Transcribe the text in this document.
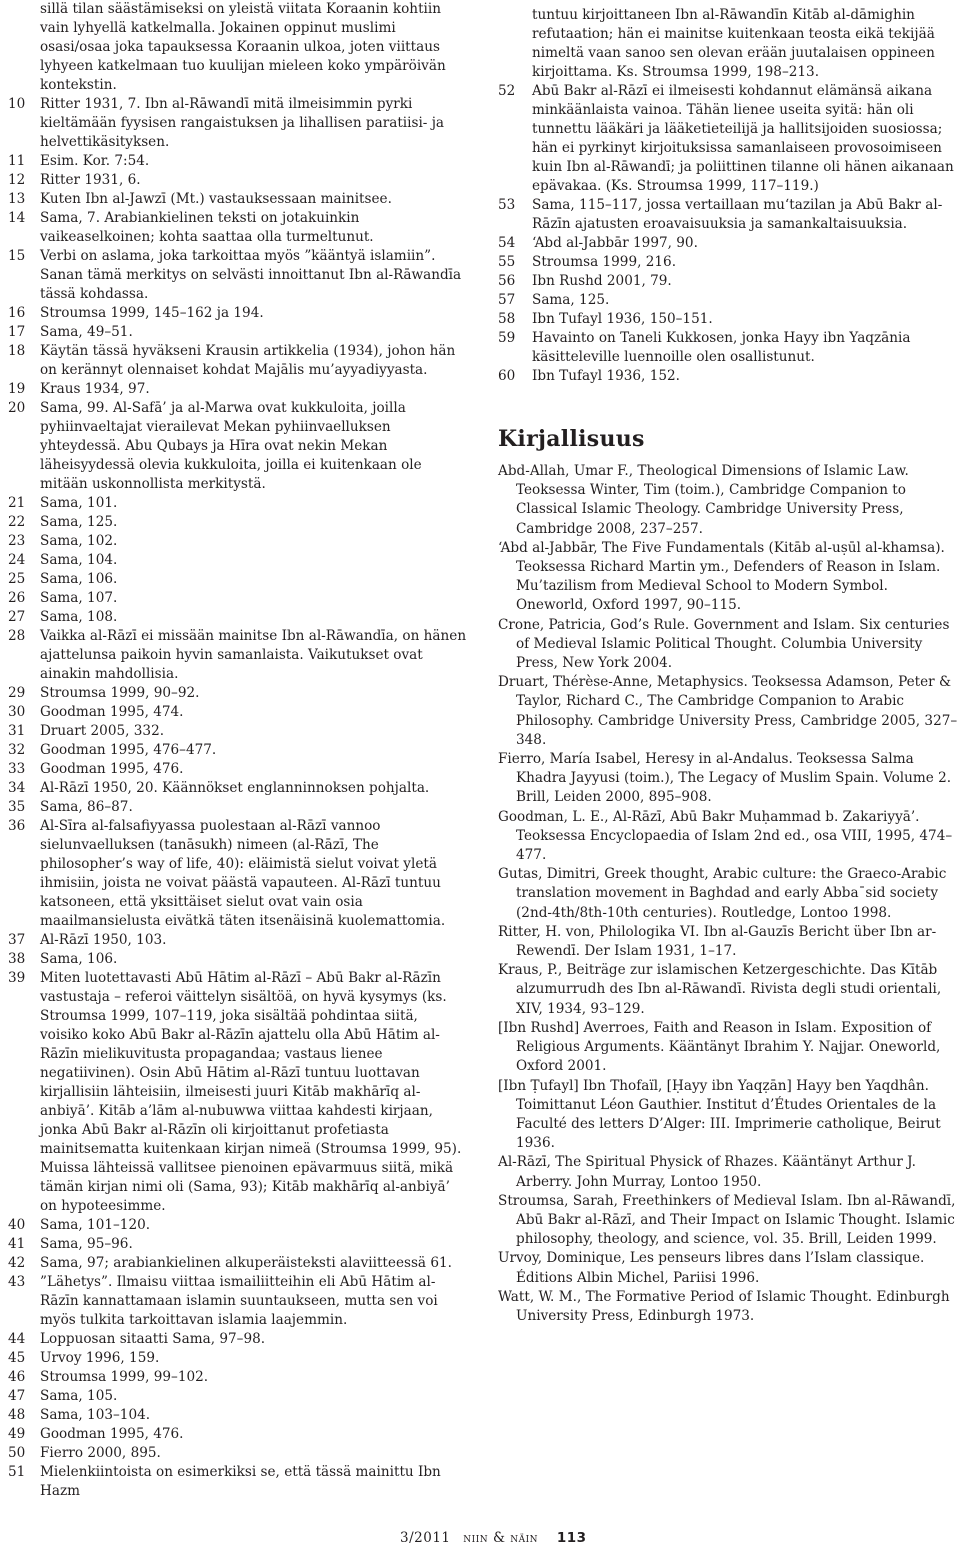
sillä tilan säästämiseksi on yleistä viitata Koraanin kohtiin vain lyhyellä katkelmalla. Jokainen oppinut muslimi osasi/osaa joka tapauksessa Koraanin ulkoa, joten viittaus lyhyeen katkelmaan tuo kuulijan mieleen koko ympäröivän kontekstin.
10	Ritter 1931, 7. Ibn al-Rāwandī mitä ilmeisimmin pyrki kieltämään fyysisen rangaistuksen ja lihallisen paratiisi- ja helvettikäsityksen.
11	Esim. Kor. 7:54.
12	Ritter 1931, 6.
13	Kuten Ibn al-Jawzī (Mt.) vastauksessaan mainitsee.
14	Sama, 7. Arabiankielinen teksti on jotakuinkin vaikeaselkoinen; kohta saattaa olla turmeltunut.
15	Verbi on aslama, joka tarkoittaa myös ”kääntyä islamiin”. Sanan tämä merkitys on selvästi innoittanut Ibn al-Rāwandīa tässä kohdassa.
16	Stroumsa 1999, 145–162 ja 194.
17	Sama, 49–51.
18	Käytän tässä hyväkseni Krausin artikkelia (1934), johon hän on kerännyt olennaiset kohdat Majālis mu’ayyadiyyasta.
19	Kraus 1934, 97.
20	Sama, 99. Al-Safā’ ja al-Marwa ovat kukkuloita, joilla pyhiinvaeltajat vierailevat Mekan pyhiinvaelluksen yhteydessä. Abu Qubays ja Hīra ovat nekin Mekan läheisyydessä olevia kukkuloita, joilla ei kuitenkaan ole mitään uskonnollista merkitystä.
21	Sama, 101.
22	Sama, 125.
23	Sama, 102.
24	Sama, 104.
25	Sama, 106.
26	Sama, 107.
27	Sama, 108.
28	Vaikka al-Rāzī ei missään mainitse Ibn al-Rāwandīa, on hänen ajattelunsa paikoin hyvin samanlaista. Vaikutukset ovat ainakin mahdollisia.
29	Stroumsa 1999, 90–92.
30	Goodman 1995, 474.
31	Druart 2005, 332.
32	Goodman 1995, 476–477.
33	Goodman 1995, 476.
34	Al-Rāzī 1950, 20. Käännökset englanninnoksen pohjalta.
35	Sama, 86–87.
36	Al-Sīra al-falsafiyyassa puolestaan al-Rāzī vannoo sielunvaelluksen (tanāsukh) nimeen (al-Rāzī, The philosopher’s way of life, 40): eläimistä sielut voivat yletä ihmisiin, joista ne voivat päästä vapauteen. Al-Rāzī tuntuu katsoneen, että yksittäiset sielut ovat vain osia maailmansielusta eivätkä täten itsenäisinä kuolemattomia.
37	Al-Rāzī 1950, 103.
38	Sama, 106.
39	Miten luotettavasti Abū Hātim al-Rāzī – Abū Bakr al-Rāzīn vastustaja – referoi väittelyn sisältöä, on hyvä kysymys (ks. Stroumsa 1999, 107–119, joka sisältää pohdintaa siitä, voisiko koko Abū Bakr al-Rāzīn ajattelu olla Abū Hātim al-Rāzīn mielikuvitusta propagandaa; vastaus lienee negatiivinen). Osin Abū Hātim al-Rāzī tuntuu luottavan kirjallisiin lähteisiin, ilmeisesti juuri Kitāb makhārīq al-anbiyā’. Kitāb a’lām al-nubuwwa viittaa kahdesti kirjaan, jonka Abū Bakr al-Rāzīn oli kirjoittanut profetiasta mainitsematta kuitenkaan kirjan nimeä (Stroumsa 1999, 95). Muissa lähteissä vallitsee pienoinen epävarmuus siitä, mikä tämän kirjan nimi oli (Sama, 93); Kitāb makhārīq al-anbiyā’ on hypoteesimme.
40	Sama, 101–120.
41	Sama, 95–96.
42	Sama, 97; arabiankielinen alkuperäisteksti alaviitteessä 61.
43	”Lähetys”. Ilmaisu viittaa ismailiitteihin eli Abū Hātim al-Rāzīn kannattamaan islamin suuntaukseen, mutta sen voi myös tulkita tarkoittavan islamia laajemmin.
44	Loppuosan sitaatti Sama, 97–98.
45	Urvoy 1996, 159.
46	Stroumsa 1999, 99–102.
47	Sama, 105.
48	Sama, 103–104.
49	Goodman 1995, 476.
50	Fierro 2000, 895.
51	Mielenkiintoista on esimerkiksi se, että tässä mainittu Ibn Hazm
tuntuu kirjoittaneen Ibn al-Rāwandīn Kitāb al-dāmighin refutaation; hän ei mainitse kuitenkaan teosta eikä tekijää nimeltä vaan sanoo sen olevan erään juutalaisen oppineen kirjoittama. Ks. Stroumsa 1999, 198–213.
52	Abū Bakr al-Rāzī ei ilmeisesti kohdannut elämänsä aikana minkäänlaista vainoa. Tähän lienee useita syitä: hän oli tunnettu lääkäri ja lääketieteilijä ja hallitsijoiden suosiossa; hän ei pyrkinyt kirjoituksissa samanlaiseen provosoimiseen kuin Ibn al-Rāwandī; ja poliittinen tilanne oli hänen aikanaan epävakaa. (Ks. Stroumsa 1999, 117–119.)
53	Sama, 115–117, jossa vertaillaan mu‘tazilan ja Abū Bakr al-Rāzīn ajatusten eroavaisuuksia ja samankaltaisuuksia.
54	‘Abd al-Jabbār 1997, 90.
55	Stroumsa 1999, 216.
56	Ibn Rushd 2001, 79.
57	Sama, 125.
58	Ibn Tufayl 1936, 150–151.
59	Havainto on Taneli Kukkosen, jonka Hayy ibn Yaqzānia käsitteleville luennoille olen osallistunut.
60	Ibn Tufayl 1936, 152.
Kirjallisuus

Abd-Allah, Umar F., Theological Dimensions of Islamic Law. Teoksessa Winter, Tim (toim.), Cambridge Companion to Classical Islamic Theology. Cambridge University Press, Cambridge 2008, 237–257.

‘Abd al-Jabbār, The Five Fundamentals (Kitāb al-uṣūl al-khamsa). Teoksessa Richard Martin ym., Defenders of Reason in Islam. Mu’tazilism from Medieval School to Modern Symbol. Oneworld, Oxford 1997, 90–115.

Crone, Patricia, God’s Rule. Government and Islam. Six centuries of Medieval Islamic Political Thought. Columbia University Press, New York 2004.

Druart, Thérèse-Anne, Metaphysics. Teoksessa Adamson, Peter & Taylor, Richard C., The Cambridge Companion to Arabic Philosophy. Cambridge University Press, Cambridge 2005, 327–348.

Fierro, María Isabel, Heresy in al-Andalus. Teoksessa Salma Khadra Jayyusi (toim.), The Legacy of Muslim Spain. Volume 2. Brill, Leiden 2000, 895–908.

Goodman, L. E., Al-Rāzī, Abū Bakr Muḥammad b. Zakariyyā’. Teoksessa Encyclopaedia of Islam 2nd ed., osa VIII, 1995, 474–477.

Gutas, Dimitri, Greek thought, Arabic culture: the Graeco-Arabic translation movement in Baghdad and early Abba¯sid society (2nd-4th/8th-10th centuries). Routledge, Lontoo 1998.

Ritter, H. von, Philologika VI. Ibn al-Gauzīs Bericht über Ibn ar-Rewendī. Der Islam 1931, 1–17.

Kraus, P., Beiträge zur islamischen Ketzergeschichte. Das Kītāb alzumurrudh des Ibn al-Rāwandī. Rivista degli studi orientali, XIV, 1934, 93–129.

[Ibn Rushd] Averroes, Faith and Reason in Islam. Exposition of Religious Arguments. Kääntänyt Ibrahim Y. Najjar. Oneworld, Oxford 2001.

[Ibn Ṭufayl] Ibn Thofaïl, [Ḥayy ibn Yaqẓān] Hayy ben Yaqdhân. Toimittanut Léon Gauthier. Institut d’Études Orientales de la Faculté des letters D’Alger: III. Imprimerie catholique, Beirut 1936.

Al-Rāzī, The Spiritual Physick of Rhazes. Kääntänyt Arthur J. Arberry. John Murray, Lontoo 1950.

Stroumsa, Sarah, Freethinkers of Medieval Islam. Ibn al-Rāwandī, Abū Bakr al-Rāzī, and Their Impact on Islamic Thought. Islamic philosophy, theology, and science, vol. 35. Brill, Leiden 1999.

Urvoy, Dominique, Les penseurs libres dans l’Islam classique. Éditions Albin Michel, Pariisi 1996.

Watt, W. M., The Formative Period of Islamic Thought. Edinburgh University Press, Edinburgh 1973.

3/2011 niin & näin 113
